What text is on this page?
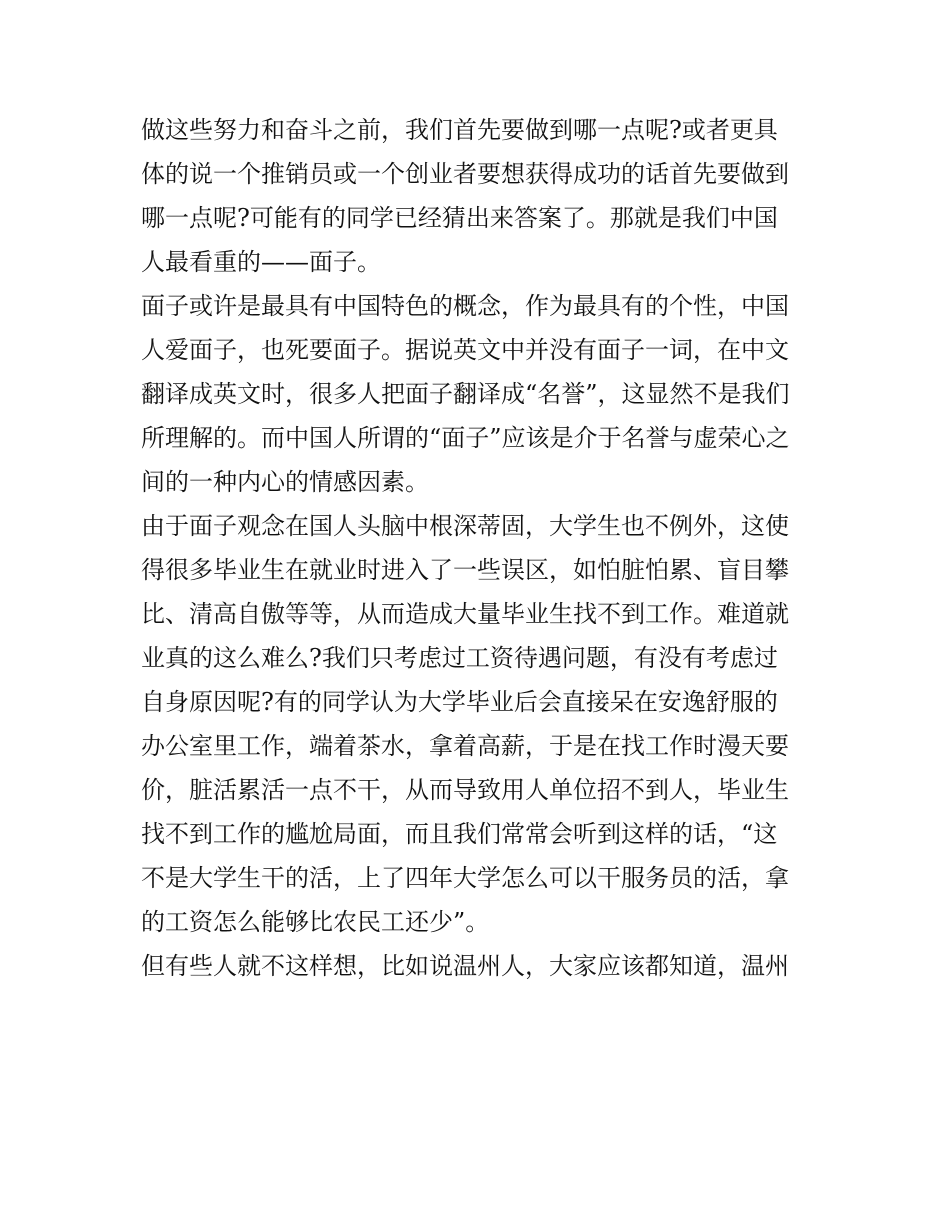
做这些努力和奋斗之前，我们首先要做到哪一点呢?或者更具
体的说一个推销员或一个创业者要想获得成功的话首先要做到
哪一点呢?可能有的同学已经猜出来答案了。那就是我们中国
人最看重的——面子。
面子或许是最具有中国特色的概念，作为最具有的个性，中国
人爱面子，也死要面子。据说英文中并没有面子一词，在中文
翻译成英文时，很多人把面子翻译成“名誉”，这显然不是我们
所理解的。而中国人所谓的“面子”应该是介于名誉与虚荣心之
间的一种内心的情感因素。
由于面子观念在国人头脑中根深蒂固，大学生也不例外，这使
得很多毕业生在就业时进入了一些误区，如怕脏怕累、盲目攀
比、清高自傲等等，从而造成大量毕业生找不到工作。难道就
业真的这么难么?我们只考虑过工资待遇问题，有没有考虑过
自身原因呢?有的同学认为大学毕业后会直接呆在安逸舒服的
办公室里工作，端着茶水，拿着高薪，于是在找工作时漫天要
价，脏活累活一点不干，从而导致用人单位招不到人，毕业生
找不到工作的尴尬局面，而且我们常常会听到这样的话，“这
不是大学生干的活，上了四年大学怎么可以干服务员的活，拿
的工资怎么能够比农民工还少”。
但有些人就不这样想，比如说温州人，大家应该都知道，温州
